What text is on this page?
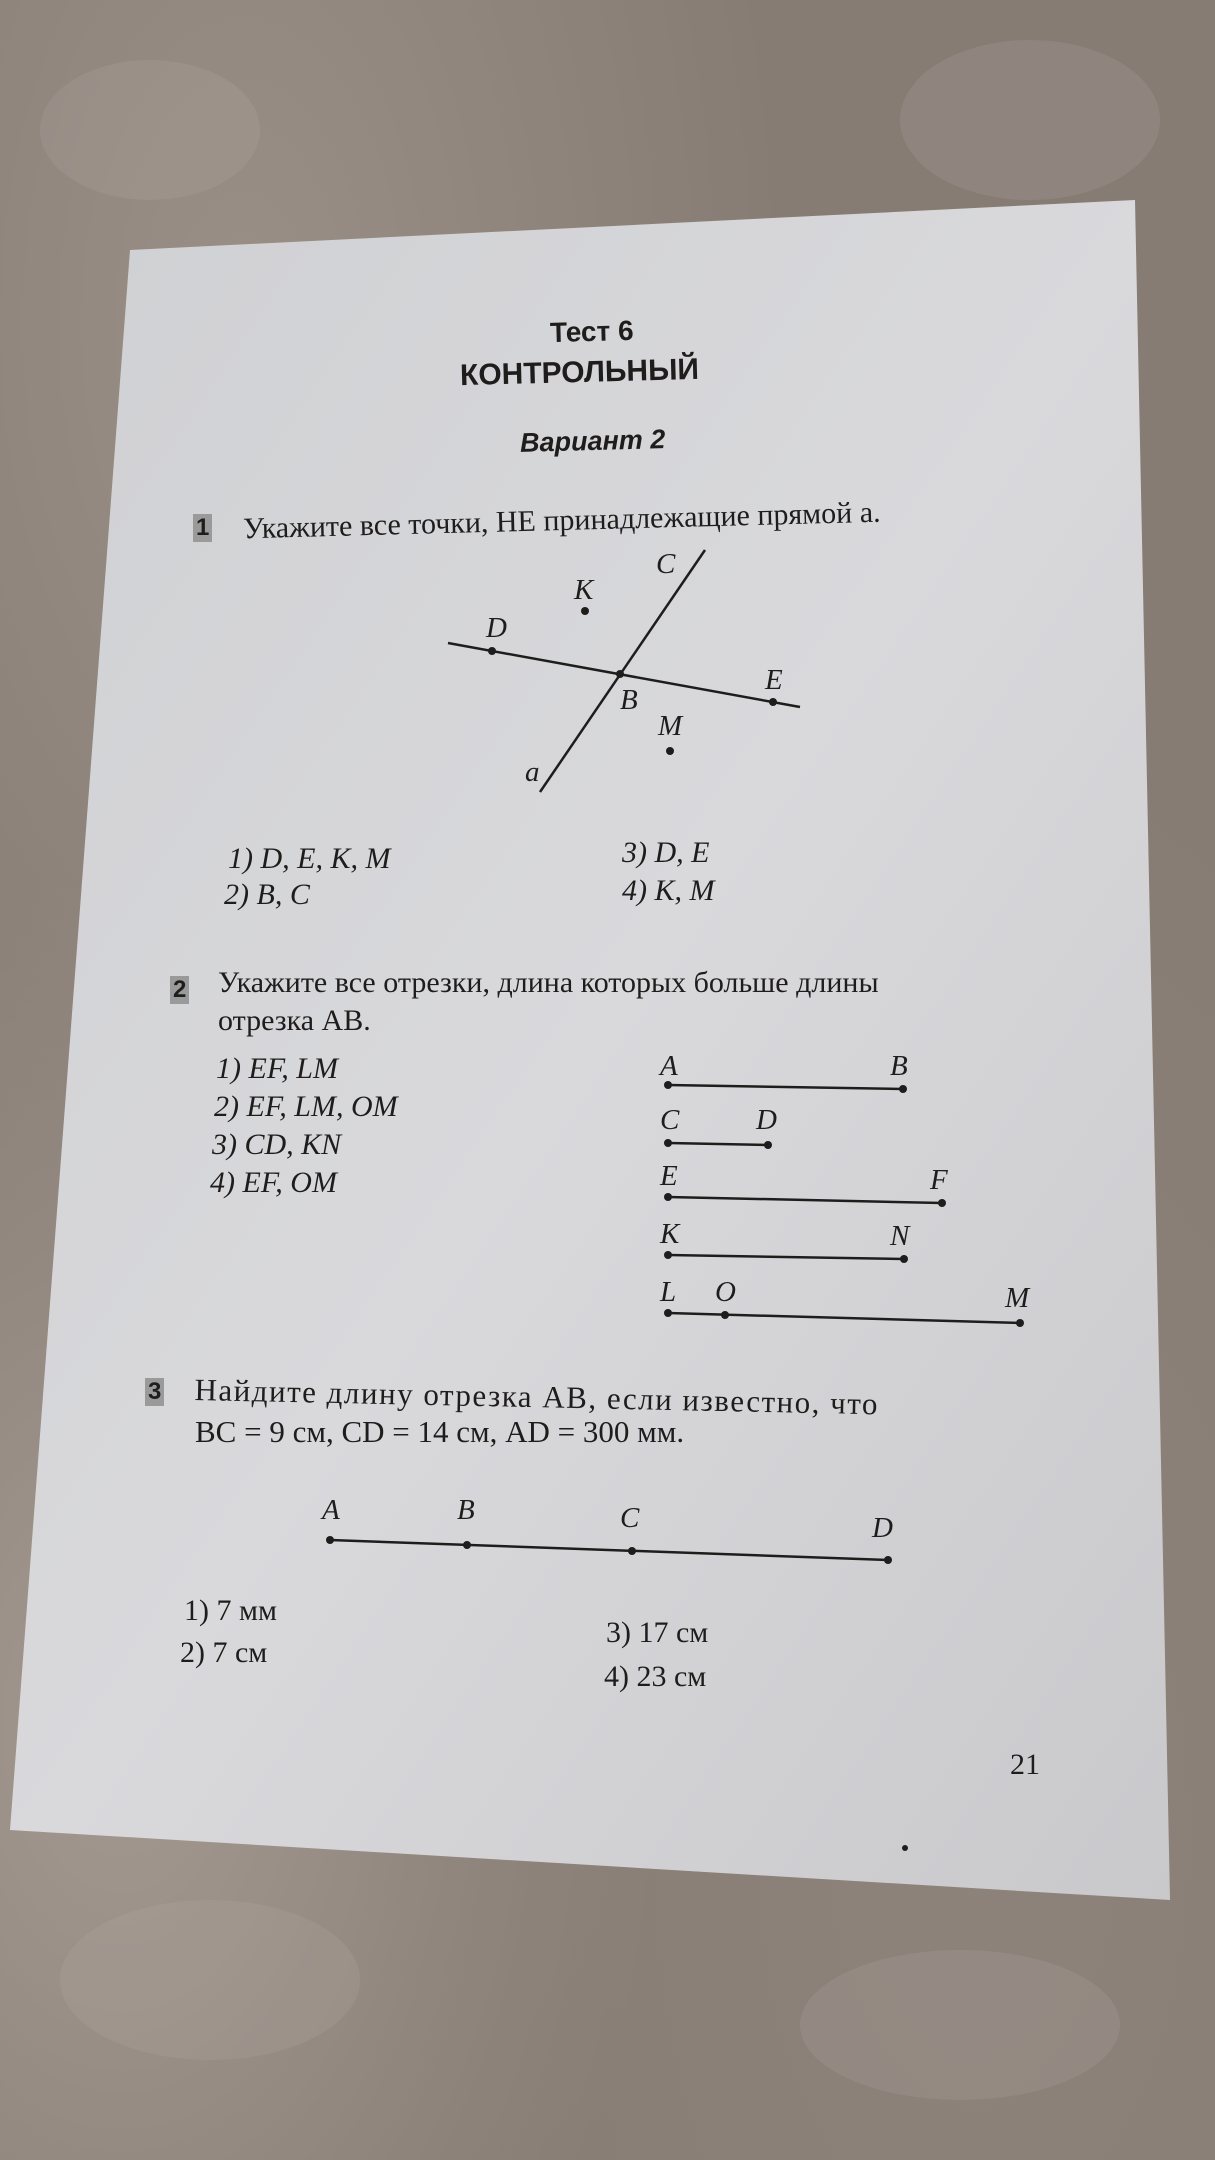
Тест 6
КОНТРОЛЬНЫЙ
Вариант 2
1 Укажите все точки, НЕ принадлежащие прямой a.
C
K
D
B
E
M
a
1) D, E, K, M
2) B, C
3) D, E
4) K, M
2 Укажите все отрезки, длина которых больше длины
отрезка AB.
1) EF, LM
2) EF, LM, OM
3) CD, KN
4) EF, OM
A	B
C	D
E	F
K	N
L O	M
3 Найдите длину отрезка AB, если известно, что
BC = 9 см, CD = 14 см, AD = 300 мм.
A	B	C	D
1) 7 мм
2) 7 см
3) 17 см
4) 23 см
21
